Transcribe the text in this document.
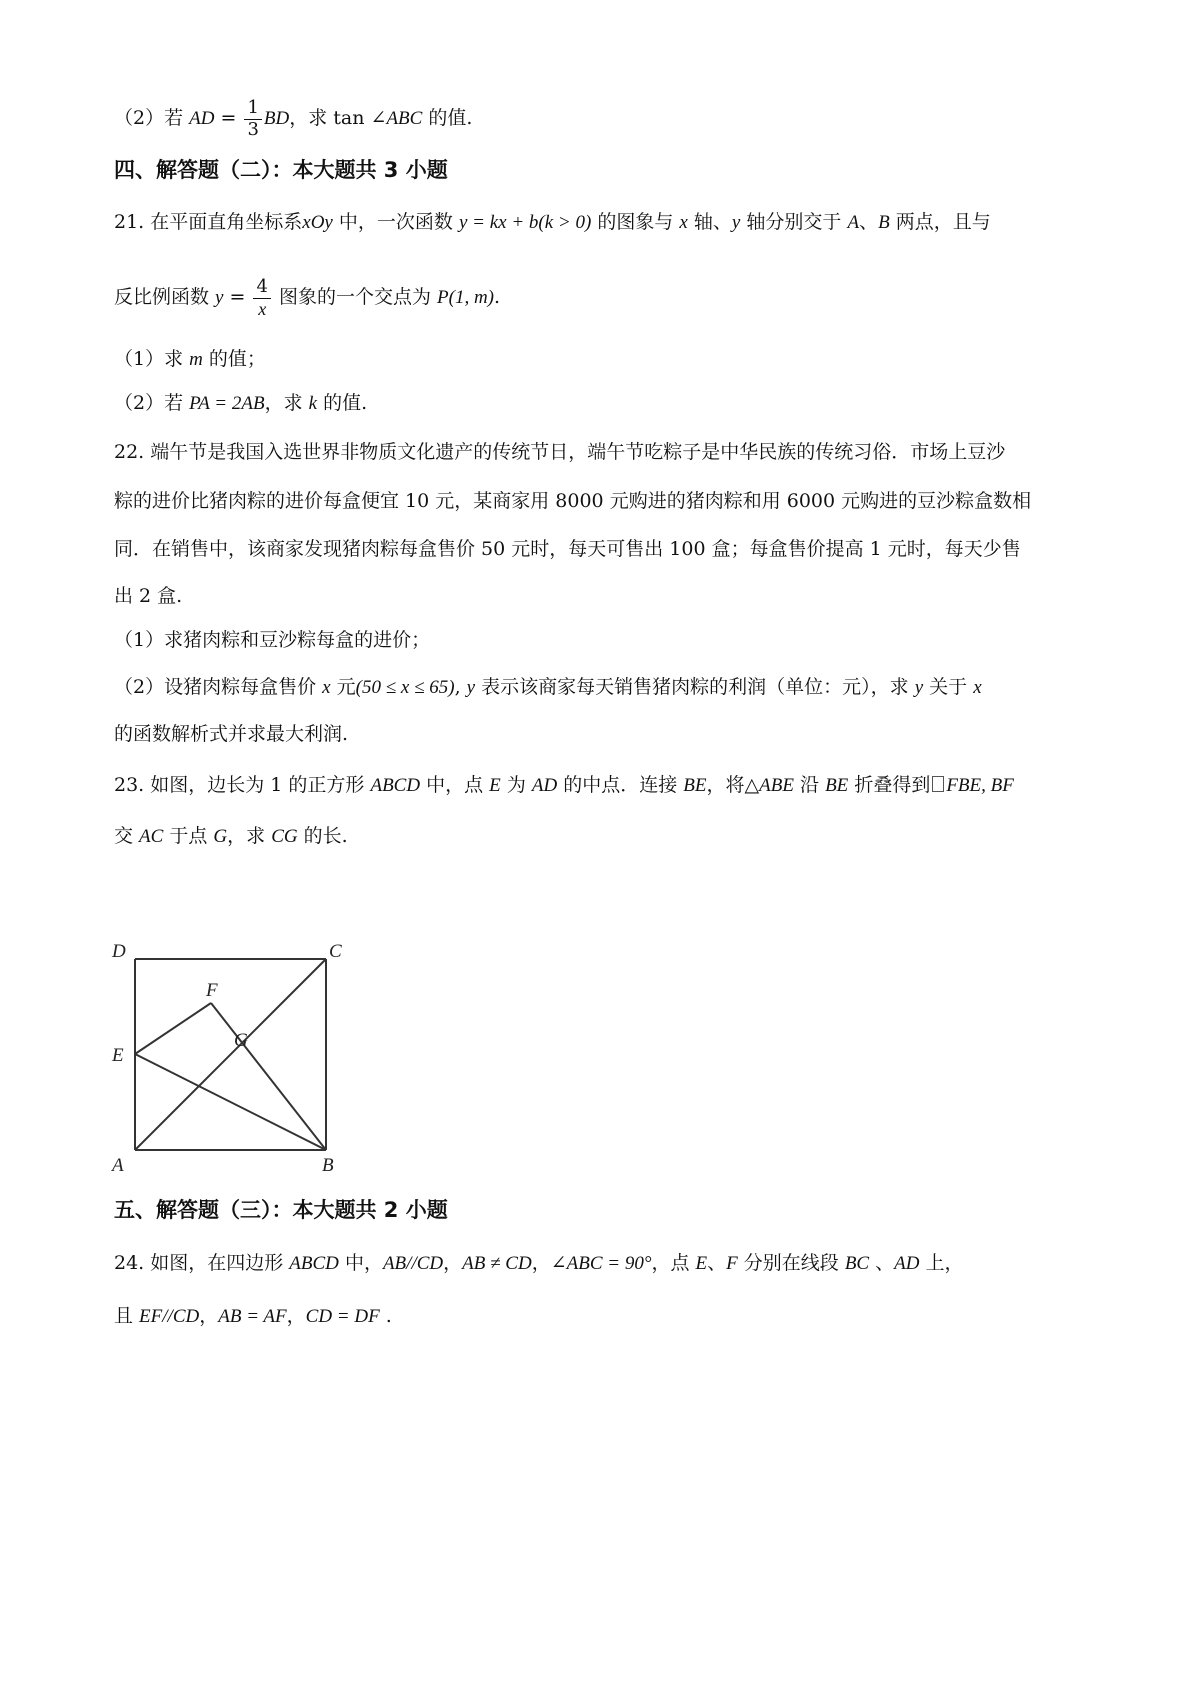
（2）若 AD = $\frac{1}{3}$ BD，求 tan ∠ABC 的值.
四、解答题（二）：本大题共 3 小题
21. 在平面直角坐标系xOy 中，一次函数 y = kx + b(k > 0) 的图象与 x 轴、y 轴分别交于 A、B 两点，且与
反比例函数 $y = \frac{4}{x}$ 图象的一个交点为 P(1, m).
（1）求 m 的值；
（2）若 PA = 2AB，求 k 的值.
22. 端午节是我国入选世界非物质文化遗产的传统节日，端午节吃粽子是中华民族的传统习俗．市场上豆沙
粽的进价比猪肉粽的进价每盒便宜 10 元，某商家用 8000 元购进的猪肉粽和用 6000 元购进的豆沙粽盒数相
同．在销售中，该商家发现猪肉粽每盒售价 50 元时，每天可售出 100 盒；每盒售价提高 1 元时，每天少售
出 2 盒.
（1）求猪肉粽和豆沙粽每盒的进价；
（2）设猪肉粽每盒售价 x 元(50 ≤ x ≤ 65), y 表示该商家每天销售猪肉粽的利润（单位：元），求 y 关于 x
的函数解析式并求最大利润.
23. 如图，边长为 1 的正方形 ABCD 中，点 E 为 AD 的中点．连接 BE，将△ABE 沿 BE 折叠得到 FBE, BF
交 AC 于点 G，求 CG 的长.
D	C
F
G
E
A	B
五、解答题（三）：本大题共 2 小题
24. 如图，在四边形 ABCD 中，AB//CD，AB ≠ CD，∠ABC = 90°，点 E、F 分别在线段 BC 、AD 上，
且 EF//CD，AB = AF，CD = DF .
